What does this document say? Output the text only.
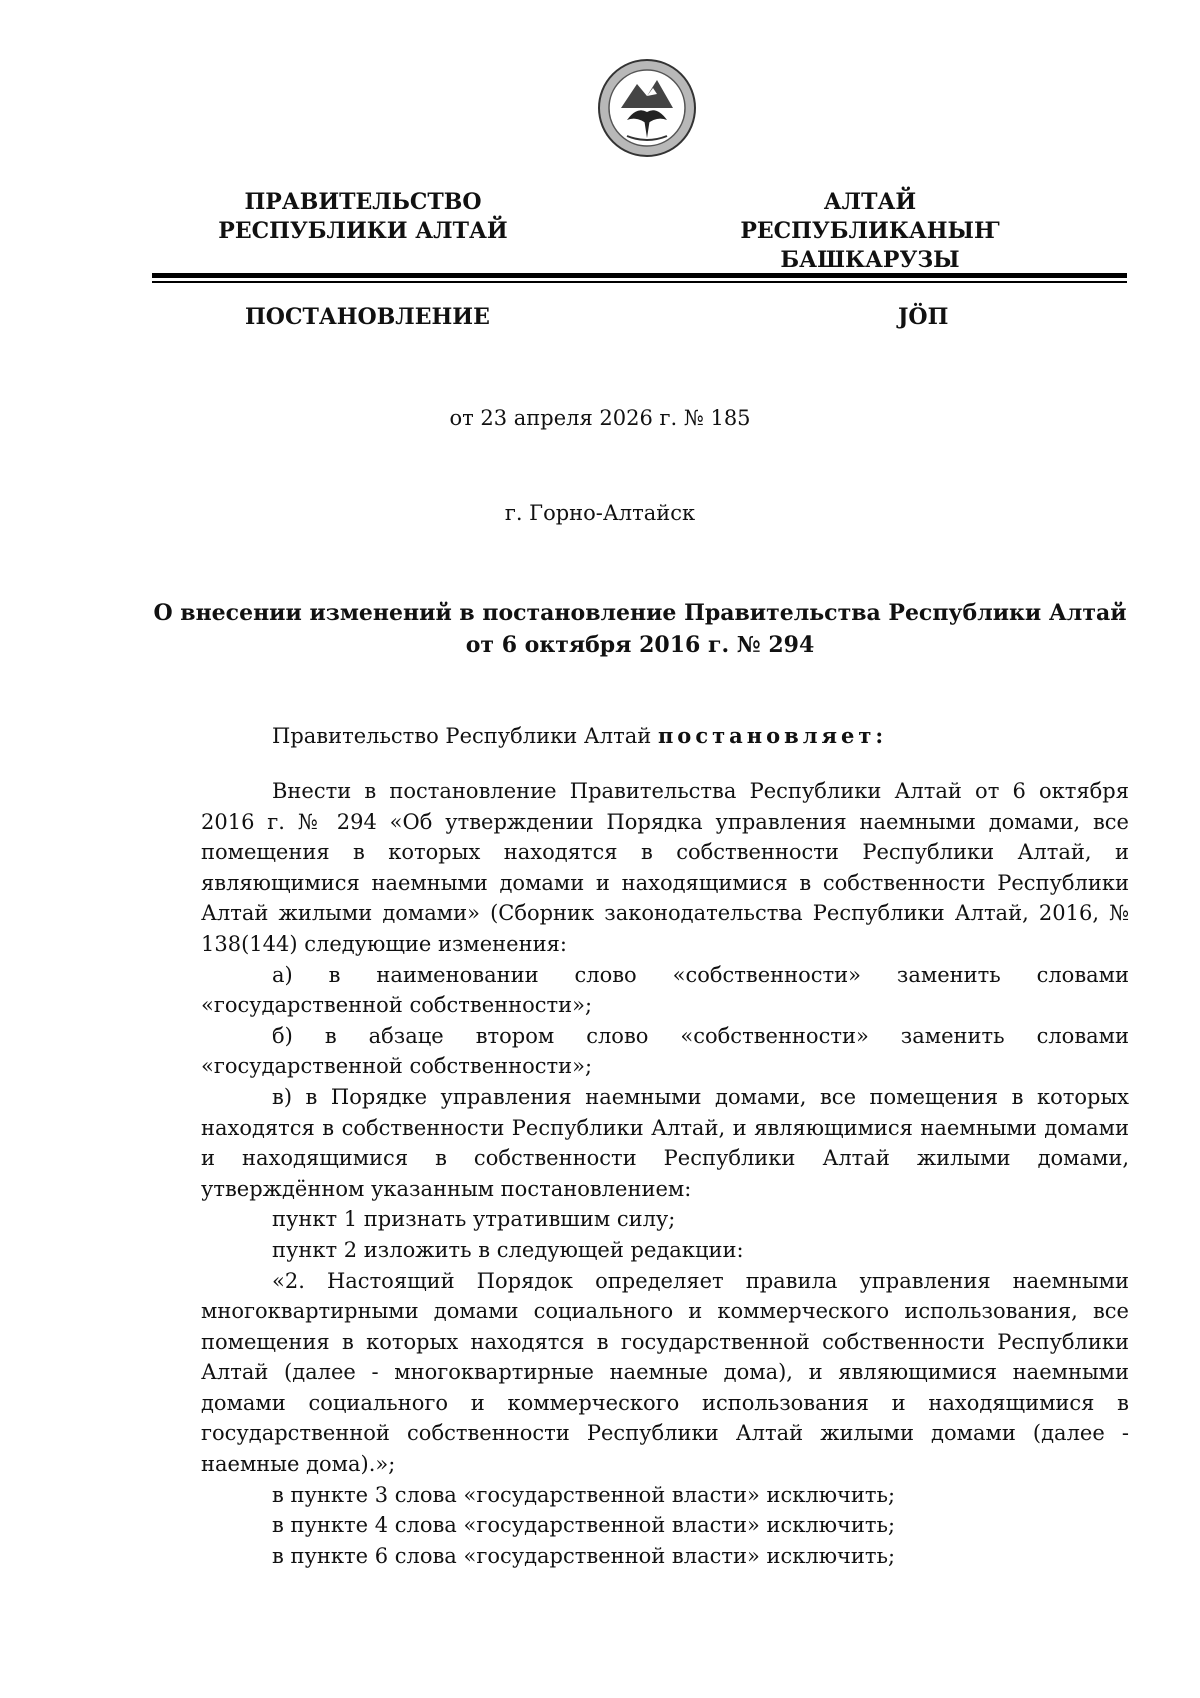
ПРАВИТЕЛЬСТВО
РЕСПУБЛИКИ АЛТАЙ
АЛТАЙ РЕСПУБЛИКАНЫҤ
БАШКАРУЗЫ
ПОСТАНОВЛЕНИЕ	JӦП
от 23 апреля 2026 г. № 185
г. Горно-Алтайск
О внесении изменений в постановление Правительства Республики Алтай
от 6 октября 2016 г. № 294
Правительство Республики Алтай постановляет:

Внести в постановление Правительства Республики Алтай от 6 октября 2016 г. № 294 «Об утверждении Порядка управления наемными домами, все помещения в которых находятся в собственности Республики Алтай, и являющимися наемными домами и находящимися в собственности Республики Алтай жилыми домами» (Сборник законодательства Республики Алтай, 2016, № 138(144) следующие изменения:

а) в наименовании слово «собственности» заменить словами «государственной собственности»;

б) в абзаце втором слово «собственности» заменить словами «государственной собственности»;

в) в Порядке управления наемными домами, все помещения в которых находятся в собственности Республики Алтай, и являющимися наемными домами и находящимися в собственности Республики Алтай жилыми домами, утверждённом указанным постановлением:

пункт 1 признать утратившим силу;

пункт 2 изложить в следующей редакции:

«2. Настоящий Порядок определяет правила управления наемными многоквартирными домами социального и коммерческого использования, все помещения в которых находятся в государственной собственности Республики Алтай (далее - многоквартирные наемные дома), и являющимися наемными домами социального и коммерческого использования и находящимися в государственной собственности Республики Алтай жилыми домами (далее - наемные дома).»;

в пункте 3 слова «государственной власти» исключить;

в пункте 4 слова «государственной власти» исключить;

в пункте 6 слова «государственной власти» исключить;
